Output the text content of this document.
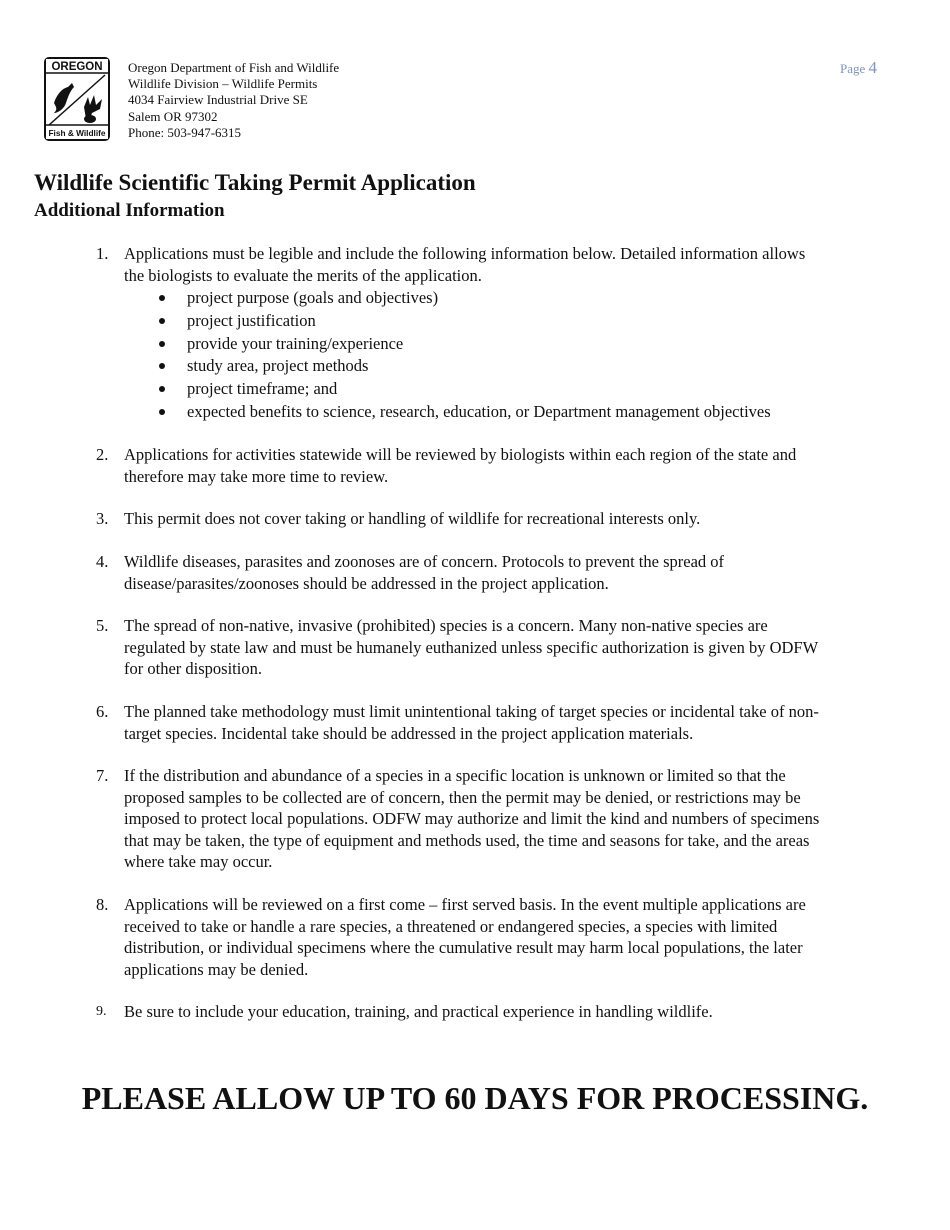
OREGON
Fish & Wildlife
Oregon Department of Fish and Wildlife
Wildlife Division – Wildlife Permits
4034 Fairview Industrial Drive SE
Salem OR 97302
Phone: 503-947-6315
Page 4
Wildlife Scientific Taking Permit Application
Additional Information
1. Applications must be legible and include the following information below. Detailed information allows
the biologists to evaluate the merits of the application.
project purpose (goals and objectives)
project justification
provide your training/experience
study area, project methods
project timeframe; and
expected benefits to science, research, education, or Department management objectives
2. Applications for activities statewide will be reviewed by biologists within each region of the state and
therefore may take more time to review.
3. This permit does not cover taking or handling of wildlife for recreational interests only.
4. Wildlife diseases, parasites and zoonoses are of concern. Protocols to prevent the spread of
disease/parasites/zoonoses should be addressed in the project application.
5. The spread of non-native, invasive (prohibited) species is a concern. Many non-native species are
regulated by state law and must be humanely euthanized unless specific authorization is given by ODFW
for other disposition.
6. The planned take methodology must limit unintentional taking of target species or incidental take of non-
target species. Incidental take should be addressed in the project application materials.
7. If the distribution and abundance of a species in a specific location is unknown or limited so that the
proposed samples to be collected are of concern, then the permit may be denied, or restrictions may be
imposed to protect local populations. ODFW may authorize and limit the kind and numbers of specimens
that may be taken, the type of equipment and methods used, the time and seasons for take, and the areas
where take may occur.
8. Applications will be reviewed on a first come – first served basis. In the event multiple applications are
received to take or handle a rare species, a threatened or endangered species, a species with limited
distribution, or individual specimens where the cumulative result may harm local populations, the later
applications may be denied.
9. Be sure to include your education, training, and practical experience in handling wildlife.
PLEASE ALLOW UP TO 60 DAYS FOR PROCESSING.
